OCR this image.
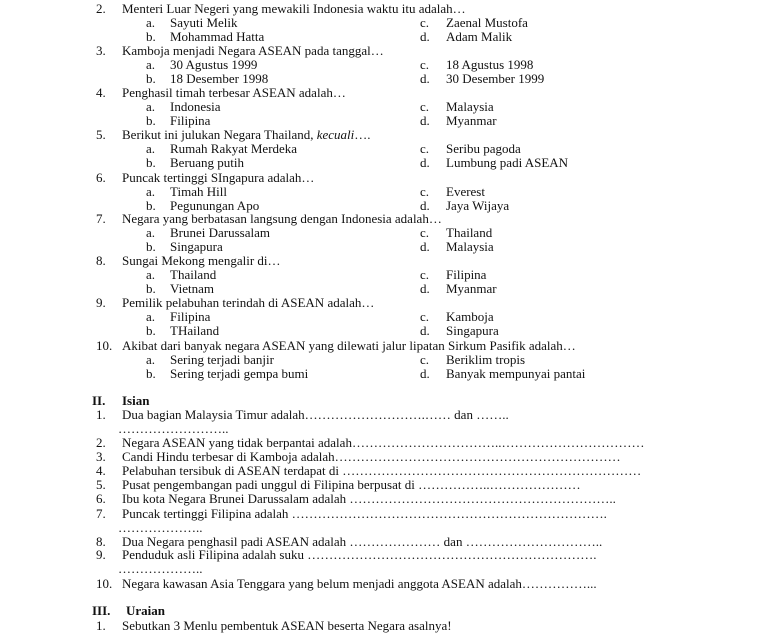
2. Menteri Luar Negeri yang mewakili Indonesia waktu itu adalah…
a. Sayuti Melik	c. Zaenal Mustofa
b. Mohammad Hatta	d. Adam Malik
3. Kamboja menjadi Negara ASEAN pada tanggal…
a. 30 Agustus 1999	c. 18 Agustus 1998
b. 18 Desember 1998	d. 30 Desember 1999
4. Penghasil timah terbesar ASEAN adalah…
a. Indonesia	c. Malaysia
b. Filipina	d. Myanmar
5. Berikut ini julukan Negara Thailand, kecuali….
a. Rumah Rakyat Merdeka	c. Seribu pagoda
b. Beruang putih	d. Lumbung padi ASEAN
6. Puncak tertinggi SIngapura adalah…
a. Timah Hill	c. Everest
b. Pegunungan Apo	d. Jaya Wijaya
7. Negara yang berbatasan langsung dengan Indonesia adalah…
a. Brunei Darussalam	c. Thailand
b. Singapura	d. Malaysia
8. Sungai Mekong mengalir di…
a. Thailand	c. Filipina
b. Vietnam	d. Myanmar
9. Pemilik pelabuhan terindah di ASEAN adalah…
a. Filipina	c. Kamboja
b. THailand	d. Singapura
10. Akibat dari banyak negara ASEAN yang dilewati jalur lipatan Sirkum Pasifik adalah…
a. Sering terjadi banjir	c. Beriklim tropis
b. Sering terjadi gempa bumi	d. Banyak mempunyai pantai
II. Isian
1. Dua bagian Malaysia Timur adalah……………………….…… dan ……..
……………………..
2. Negara ASEAN yang tidak berpantai adalah……………………………..……………………………
3. Candi Hindu terbesar di Kamboja adalah…………………………………………………………
4. Pelabuhan tersibuk di ASEAN terdapat di ……………………………………………………………
5. Pusat pengembangan padi unggul di Filipina berpusat di ……………..…………………
6. Ibu kota Negara Brunei Darussalam adalah ……………………………………………………..
7. Puncak tertinggi Filipina adalah ……………………………………………………………….
………………..
8. Dua Negara penghasil padi ASEAN adalah ………………… dan …………………………..
9. Penduduk asli Filipina adalah suku ………………………………………………………….
………………..
10. Negara kawasan Asia Tenggara yang belum menjadi anggota ASEAN adalah……………...
III. Uraian
1. Sebutkan 3 Menlu pembentuk ASEAN beserta Negara asalnya!
